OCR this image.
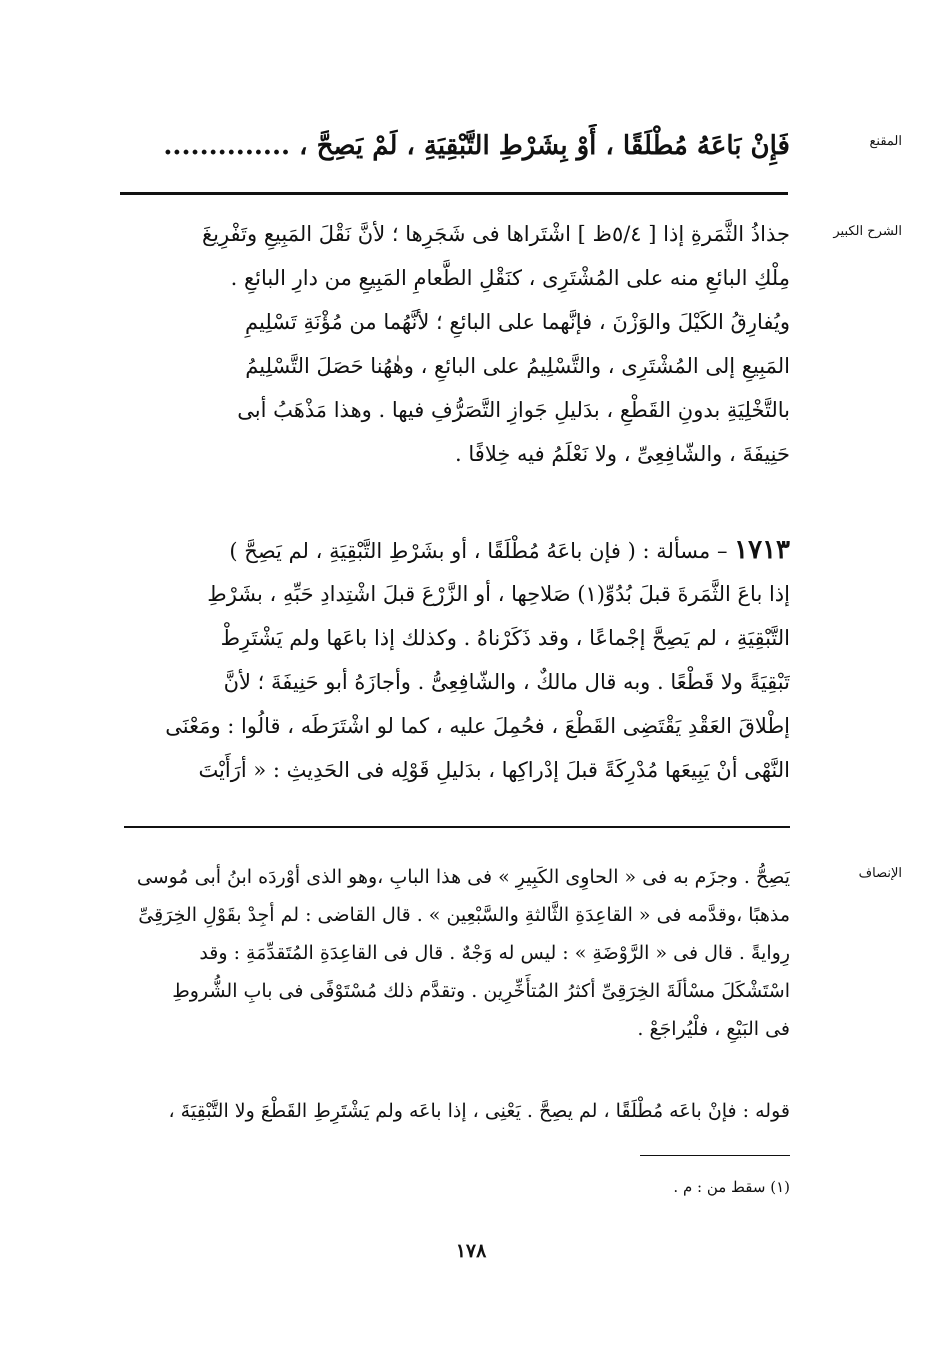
المقنع
فَإِنْ بَاعَهُ مُطْلَقًا ، أَوْ بِشَرْطِ التَّبْقِيَةِ ، لَمْ يَصِحَّ ، ..............
الشرح الكبير
جذاذُ الثَّمَرةِ إذا [ ٥/٤ظ ] اشْتَراها فى شَجَرِها ؛ لأنَّ نَقْلَ المَبِيعِ وتَفْرِيغَ
مِلْكِ البائعِ منه على المُشْتَرِى ، كنَقْلِ الطَّعامِ المَبِيعِ من دارِ البائعِ .
ويُفارِقُ الكَيْلَ والوَزْنَ ، فإنَّهما على البائعِ ؛ لأنَّهُما من مُؤْنَةِ تَسْلِيمِ
المَبِيعِ إلى المُشْتَرِى ، والتَّسْلِيمُ على البائعِ ، وهٰهُنا حَصَلَ التَّسْلِيمُ
بالتَّخْلِيَةِ بدونِ القَطْعِ ، بدَليلِ جَوازِ التَّصَرُّفِ فيها . وهذا مَذْهَبُ أبى
حَنِيفَةَ ، والشّافِعِىِّ ، ولا نَعْلَمُ فيه خِلافًا .
١٧١٣ – مسألة : ( فإن باعَهُ مُطْلَقًا ، أو بشَرْطِ التَّبْقِيَةِ ، لم يَصِحَّ )
إذا باعَ الثَّمَرةَ قبلَ بُدُوِّ(١) صَلاحِها ، أو الزَّرْعَ قبلَ اشْتِدادِ حَبِّهِ ، بشَرْطِ
التَّبْقِيَةِ ، لم يَصِحَّ إجْماعًا ، وقد ذَكَرْناهُ . وكذلك إذا باعَها ولم يَشْتَرِطْ
تَبْقِيَةً ولا قَطْعًا . وبه قال مالكٌ ، والشّافِعِىُّ . وأجازَهُ أبو حَنِيفَةَ ؛ لأنَّ
إطْلاقَ العَقْدِ يَقْتَضِى القَطْعَ ، فحُمِلَ عليه ، كما لو اشْتَرَطَه ، قالُوا : ومَعْنَى
النَّهْى أنْ يَبِيعَها مُدْرِكَةً قبلَ إدْراكِها ، بدَليلِ قَوْلِه فى الحَدِيثِ : « أرَأَيْتَ
الإنصاف
يَصِحُّ . وجزَم به فى « الحاوِى الكَبِيرِ » فى هذا البابِ ،وهو الذى أوْردَه ابنُ أبى مُوسى
مذهبًا ،وقدَّمه فى « القاعِدَةِ الثَّالثةِ والسَّبْعِين » . قال القاضى : لم أجِدْ بقَوْلِ الخِرَقِىِّ
رِوايةً . قال فى « الرَّوْضَةِ » : ليس له وَجْهٌ . قال فى القاعِدَةِ المُتَقدِّمَةِ : وقد
اسْتَشْكَلَ مسْألَةَ الخِرَقِىِّ أكثرُ المُتأَخِّرِين . وتقدَّم ذلك مُسْتَوْفًى فى بابِ الشُّروطِ
فى البَيْعِ ، فلْيُراجَعْ .
قوله : فإنْ باعَه مُطْلَقًا ، لم يصِحَّ . يَعْنِى ، إذا باعَه ولم يَشْتَرِطِ القَطْعَ ولا التَّبْقِيَةَ ،
(١) سقط من : م .
١٧٨
